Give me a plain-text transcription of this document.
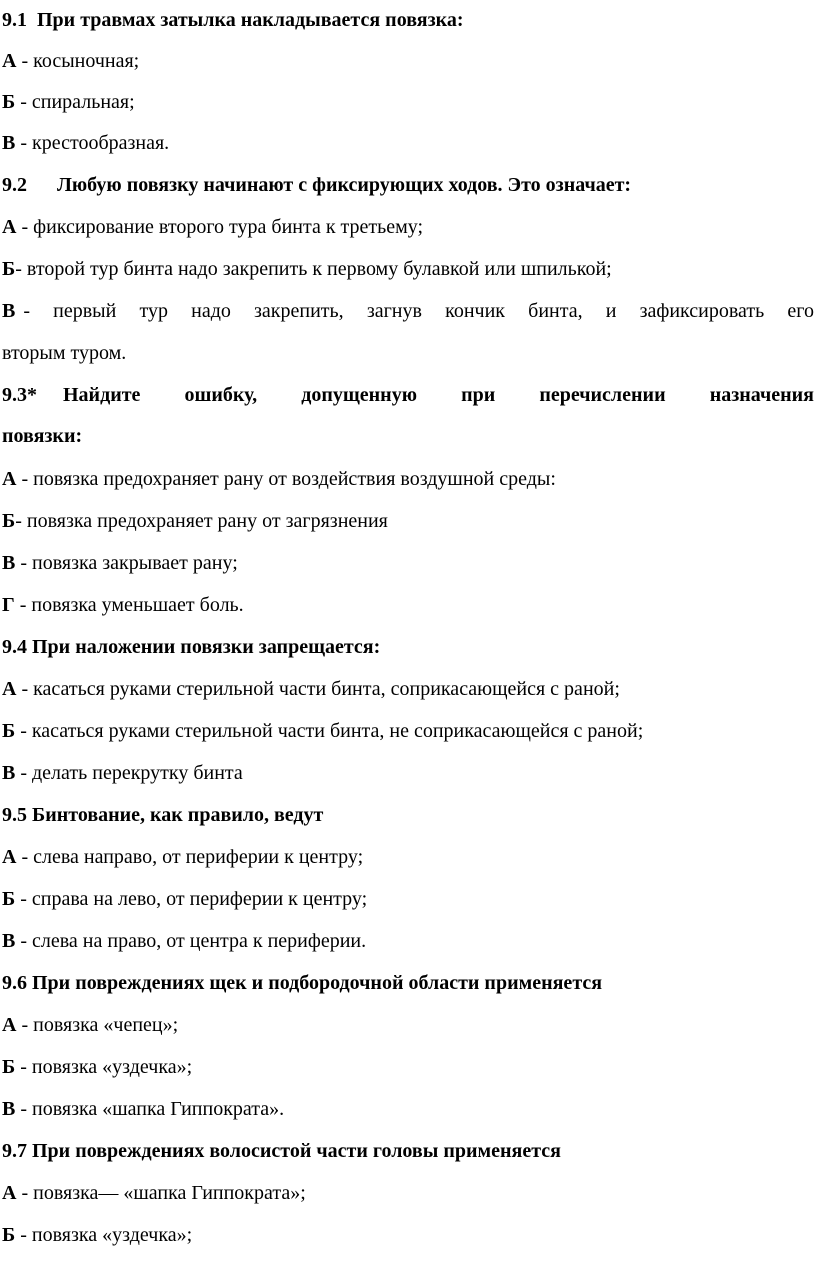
9.1 При травмах затылка накладывается повязка:
А - косыночная;
Б - спиральная;
В - крестообразная.
9.2 Любую повязку начинают с фиксирующих ходов. Это означает:
А - фиксирование второго тура бинта к третьему;
Б- второй тур бинта надо закрепить к первому булавкой или шпилькой;
В - первый тур надо закрепить, загнув кончик бинта, и зафиксировать его
вторым туром.
9.3* Найдите ошибку, допущенную при перечислении назначения
повязки:
А - повязка предохраняет рану от воздействия воздушной среды:
Б- повязка предохраняет рану от загрязнения
В - повязка закрывает рану;
Г - повязка уменьшает боль.
9.4 При наложении повязки запрещается:
А - касаться руками стерильной части бинта, соприкасающейся с раной;
Б - касаться руками стерильной части бинта, не соприкасающейся с раной;
В - делать перекрутку бинта
9.5 Бинтование, как правило, ведут
А - слева направо, от периферии к центру;
Б - справа на лево, от периферии к центру;
В - слева на право, от центра к периферии.
9.6 При повреждениях щек и подбородочной области применяется
А - повязка «чепец»;
Б - повязка «уздечка»;
В - повязка «шапка Гиппократа».
9.7 При повреждениях волосистой части головы применяется
А - повязка— «шапка Гиппократа»;
Б - повязка «уздечка»;
